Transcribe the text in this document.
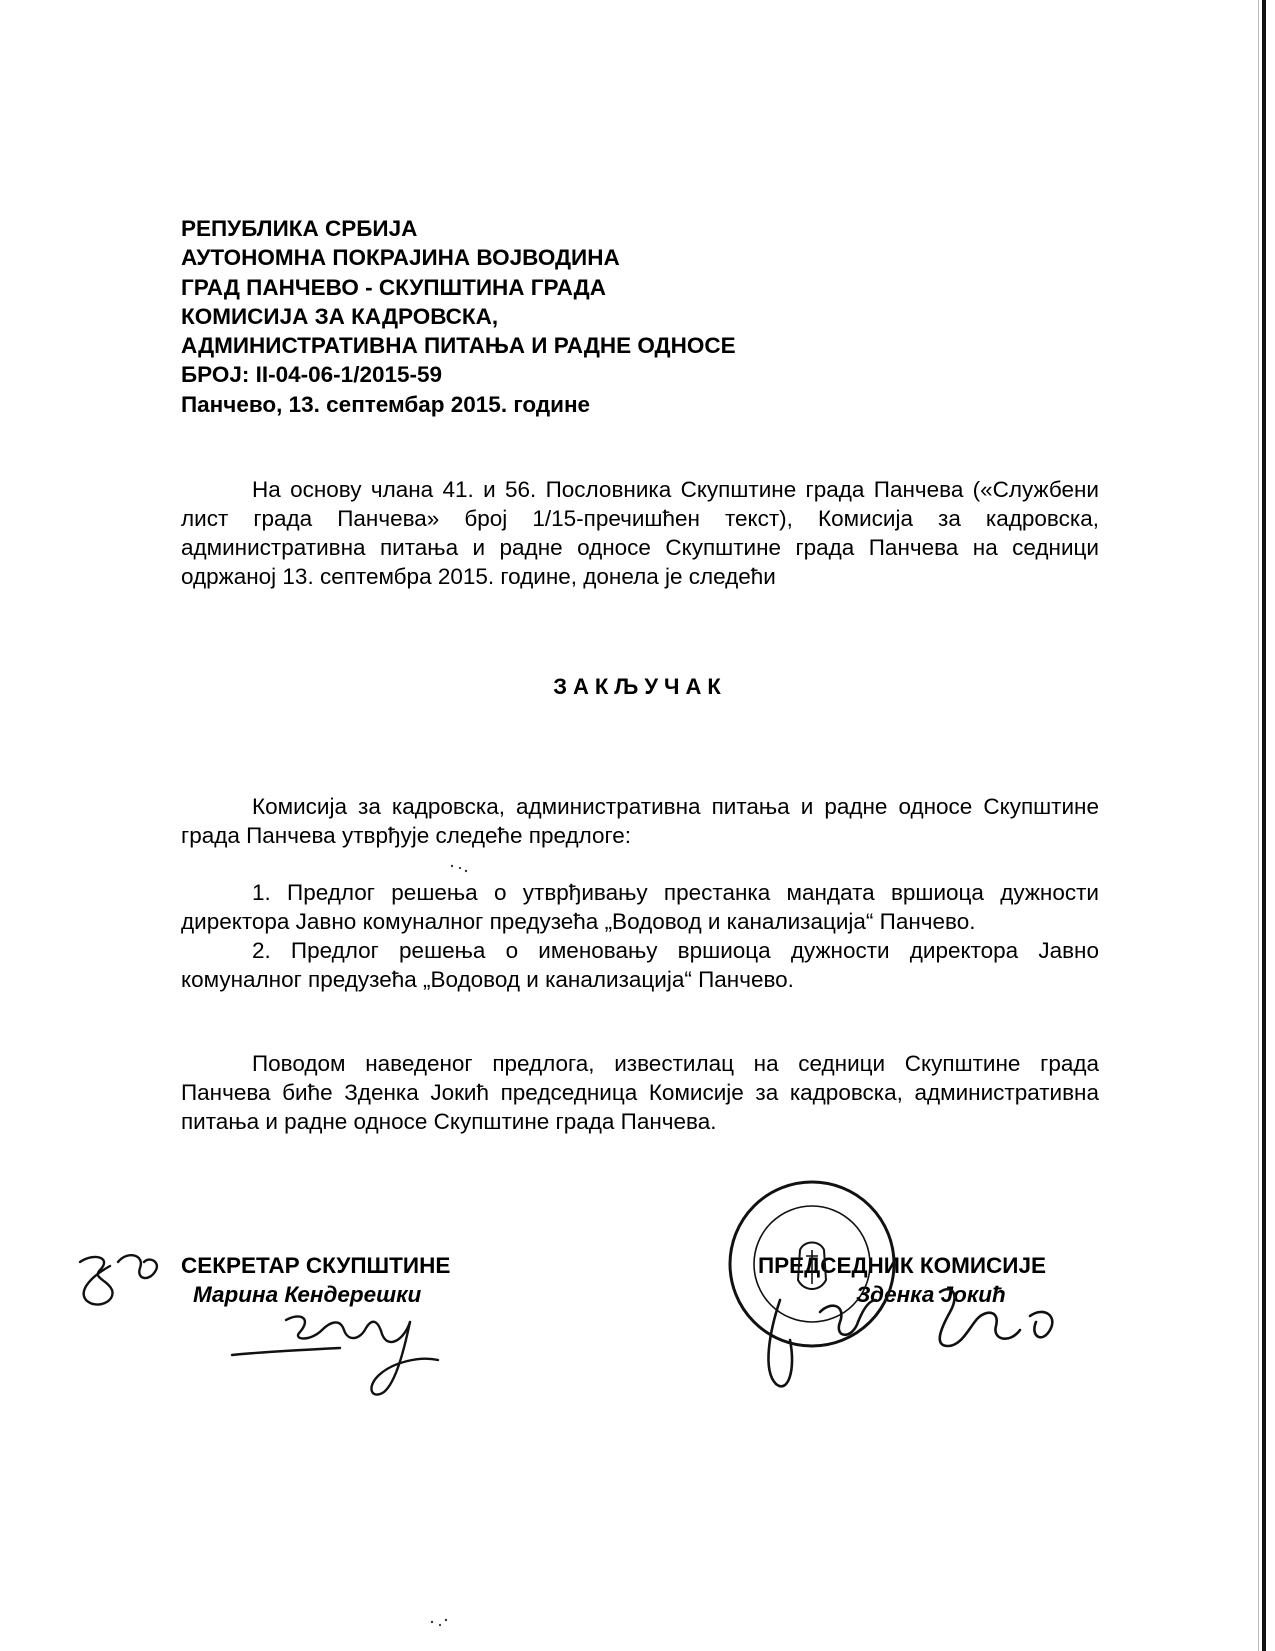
РЕПУБЛИКА СРБИЈА
АУТОНОМНА ПОКРАЈИНА ВОЈВОДИНА
ГРАД ПАНЧЕВО - СКУПШТИНА ГРАДА
КОМИСИЈА ЗА КАДРОВСКА,
АДМИНИСТРАТИВНА ПИТАЊА И РАДНЕ ОДНОСЕ
БРОЈ: II-04-06-1/2015-59
Панчево, 13. септембар 2015. године
На основу члана 41. и 56. Пословника Скупштине града Панчева («Службени лист града Панчева» број 1/15-пречишћен текст), Комисија за кадровска, административна питања и радне односе Скупштине града Панчева на седници одржаној 13. септембра 2015. године, донела је следећи
ЗАКЉУЧАК
Комисија за кадровска, административна питања и радне односе Скупштине града Панчева утврђује следеће предлоге:
1. Предлог решења о утврђивању престанка мандата вршиоца дужности директора Јавно комуналног предузећа „Водовод и канализација“ Панчево.
2. Предлог решења о именовању вршиоца дужности директора Јавно комуналног предузећа „Водовод и канализација“ Панчево.
Поводом наведеног предлога, известилац на седници Скупштине града Панчева биће Зденка Јокић председница Комисије за кадровска, административна питања и радне односе Скупштине града Панчева.
СЕКРЕТАР СКУПШТИНЕ
Марина Кендерешки
ПРЕДСЕДНИК КОМИСИЈЕ
Зденка Јокић
